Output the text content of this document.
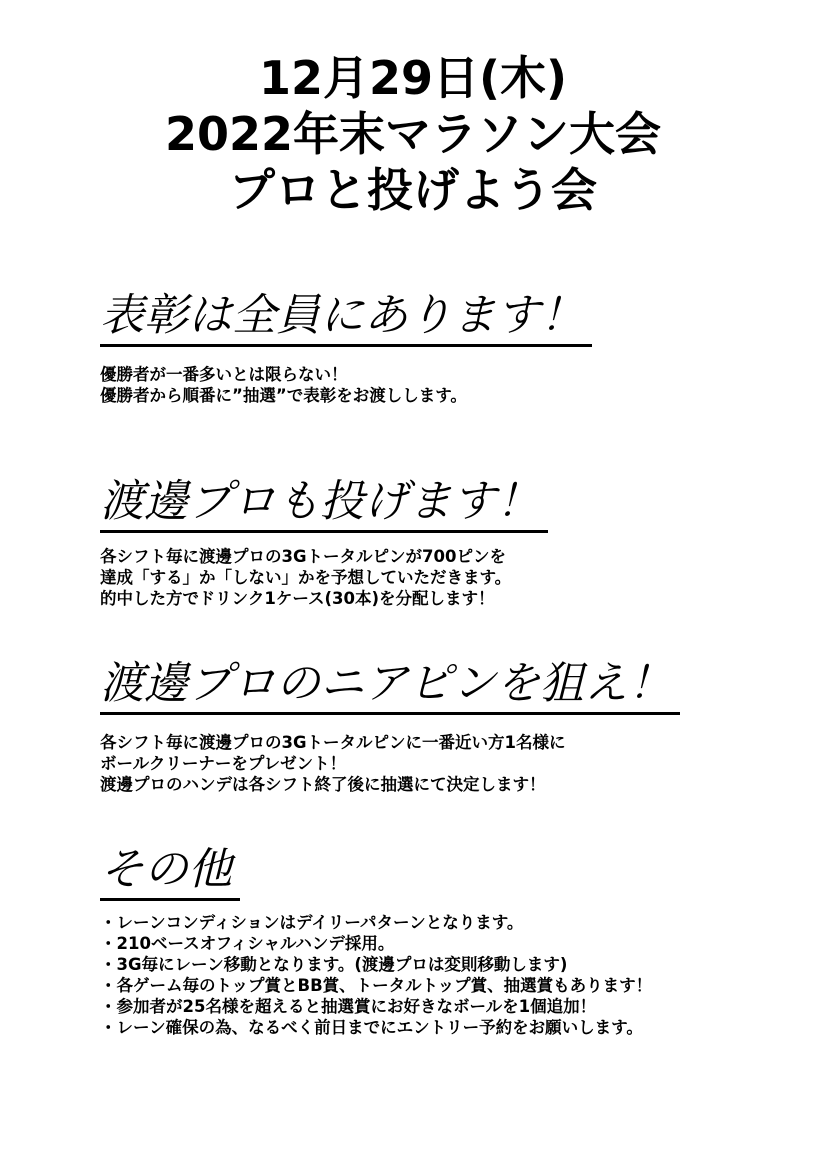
12月29日(木)
2022年末マラソン大会
プロと投げよう会
表彰は全員にあります！
優勝者が一番多いとは限らない！
優勝者から順番に”抽選”で表彰をお渡しします。
渡邊プロも投げます！
各シフト毎に渡邊プロの3Gトータルピンが700ピンを
達成「する」か「しない」かを予想していただきます。
的中した方でドリンク1ケース(30本)を分配します！
渡邊プロのニアピンを狙え！
各シフト毎に渡邊プロの3Gトータルピンに一番近い方1名様に
ボールクリーナーをプレゼント！
渡邊プロのハンデは各シフト終了後に抽選にて決定します！
その他
・レーンコンディションはデイリーパターンとなります。
・210ベースオフィシャルハンデ採用。
・3G毎にレーン移動となります。(渡邊プロは変則移動します)
・各ゲーム毎のトップ賞とBB賞、トータルトップ賞、抽選賞もあります！
・参加者が25名様を超えると抽選賞にお好きなボールを1個追加！
・レーン確保の為、なるべく前日までにエントリー予約をお願いします。
